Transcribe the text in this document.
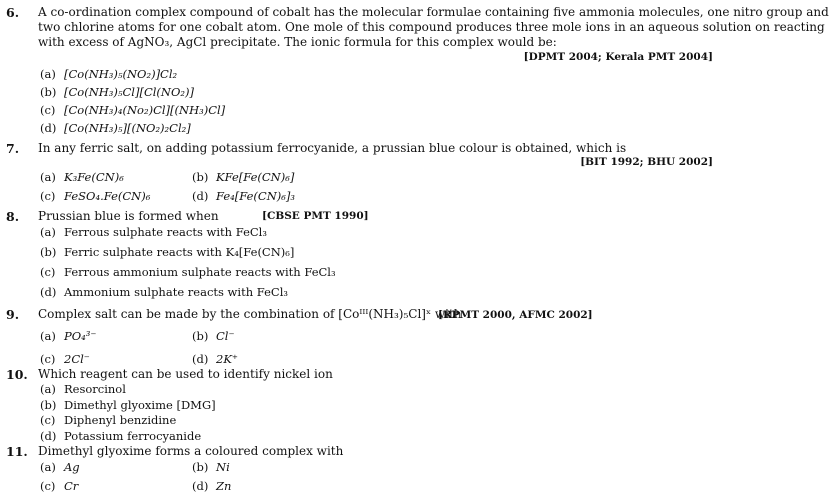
6. A co-ordination complex compound of cobalt has the molecular formulae containing five ammonia molecules, one nitro group and
two chlorine atoms for one cobalt atom. One mole of this compound produces three mole ions in an aqueous solution on reacting
with excess of AgNO₃, AgCl precipitate. The ionic formula for this complex would be:
[DPMT 2004; Kerala PMT 2004]
(a) [Co(NH₃)₅(NO₂)]Cl₂
(b) [Co(NH₃)₅Cl][Cl(NO₂)]
(c) [Co(NH₃)₄(No₂)Cl][(NH₃)Cl]
(d) [Co(NH₃)₅][(NO₂)₂Cl₂]
7. In any ferric salt, on adding potassium ferrocyanide, a prussian blue colour is obtained, which is
[BIT 1992; BHU 2002]
(a) K₃Fe(CN)₆	(b) KFe[Fe(CN)₆]
(c) FeSO₄.Fe(CN)₆	(d) Fe₄[Fe(CN)₆]₃
8. Prussian blue is formed when	[CBSE PMT 1990]
(a) Ferrous sulphate reacts with FeCl₃
(b) Ferric sulphate reacts with K₄[Fe(CN)₆]
(c) Ferrous ammonium sulphate reacts with FeCl₃
(d) Ammonium sulphate reacts with FeCl₃
9. Complex salt can be made by the combination of [Coᴵᴵᴵ(NH₃)₅Cl]ˣ with
[RPMT 2000, AFMC 2002]
(a) PO₄³⁻	(b) Cl⁻
(c) 2Cl⁻	(d) 2K⁺
10. Which reagent can be used to identify nickel ion
(a) Resorcinol
(b) Dimethyl glyoxime [DMG]
(c) Diphenyl benzidine
(d) Potassium ferrocyanide
11. Dimethyl glyoxime forms a coloured complex with
(a) Ag	(b) Ni
(c) Cr	(d) Zn
